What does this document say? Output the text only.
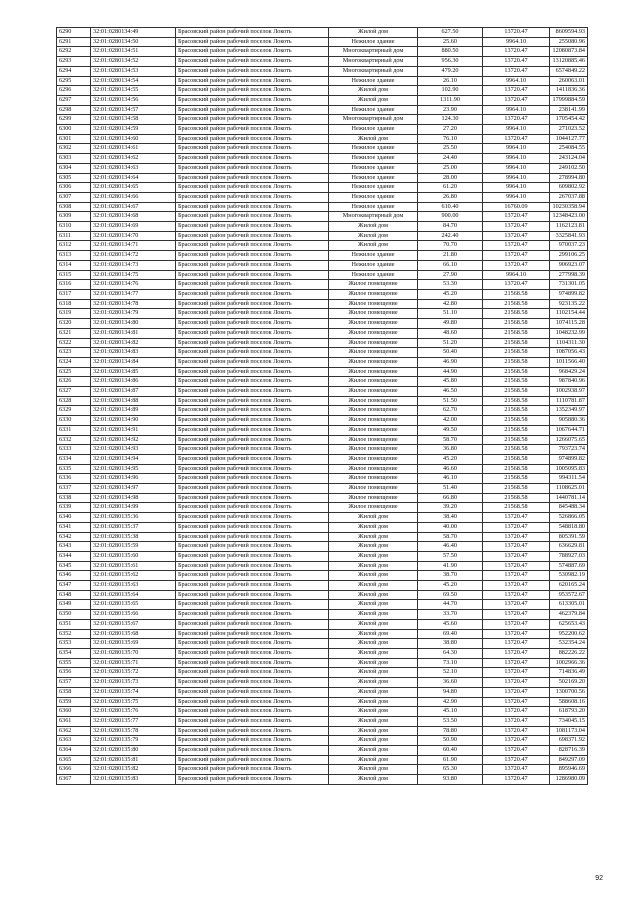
6290	32:01:0280134:49	Брасовский район рабочий поселок Локоть	Жилой дом	627.50	13720.47	8609594.93
6291	32:01:0280134:50	Брасовский район рабочий поселок Локоть	Нежилое здание	25.60	9964.10	255080.96
6292	32:01:0280134:51	Брасовский район рабочий поселок Локоть	Многоквартирный дом	880.50	13720.47	12080873.84
6293	32:01:0280134:52	Брасовский район рабочий поселок Локоть	Многоквартирный дом	956.30	13720.47	13120885.46
6294	32:01:0280134:53	Брасовский район рабочий поселок Локоть	Многоквартирный дом	479.20	13720.47	6574849.22
6295	32:01:0280134:54	Брасовский район рабочий поселок Локоть	Нежилое здание	26.10	9964.10	260063.01
6296	32:01:0280134:55	Брасовский район рабочий поселок Локоть	Жилой дом	102.90	13720.47	1411836.36
6297	32:01:0280134:56	Брасовский район рабочий поселок Локоть	Жилой дом	1311.90	13720.47	17999884.59
6298	32:01:0280134:57	Брасовский район рабочий поселок Локоть	Нежилое здание	23.90	9964.10	238141.99
6299	32:01:0280134:58	Брасовский район рабочий поселок Локоть	Многоквартирный дом	124.30	13720.47	1705454.42
6300	32:01:0280134:59	Брасовский район рабочий поселок Локоть	Нежилое здание	27.20	9964.10	271023.52
6301	32:01:0280134:60	Брасовский район рабочий поселок Локоть	Жилой дом	76.10	13720.47	1044127.77
6302	32:01:0280134:61	Брасовский район рабочий поселок Локоть	Нежилое здание	25.50	9964.10	254084.55
6303	32:01:0280134:62	Брасовский район рабочий поселок Локоть	Нежилое здание	24.40	9964.10	243124.04
6304	32:01:0280134:63	Брасовский район рабочий поселок Локоть	Нежилое здание	25.00	9964.10	249102.50
6305	32:01:0280134:64	Брасовский район рабочий поселок Локоть	Нежилое здание	28.00	9964.10	278994.80
6306	32:01:0280134:65	Брасовский район рабочий поселок Локоть	Нежилое здание	61.20	9964.10	609802.92
6307	32:01:0280134:66	Брасовский район рабочий поселок Локоть	Нежилое здание	26.80	9964.10	267037.88
6308	32:01:0280134:67	Брасовский район рабочий поселок Локоть	Нежилое здание	610.40	16760.09	10230358.94
6309	32:01:0280134:68	Брасовский район рабочий поселок Локоть	Многоквартирный дом	900.00	13720.47	12348423.00
6310	32:01:0280134:69	Брасовский район рабочий поселок Локоть	Жилой дом	84.70	13720.47	1162123.81
6311	32:01:0280134:70	Брасовский район рабочий поселок Локоть	Жилой дом	242.40	13720.47	3325841.93
6312	32:01:0280134:71	Брасовский район рабочий поселок Локоть	Жилой дом	70.70	13720.47	970037.23
6313	32:01:0280134:72	Брасовский район рабочий поселок Локоть	Нежилое здание	21.80	13720.47	299106.25
6314	32:01:0280134:73	Брасовский район рабочий поселок Локоть	Нежилое здание	66.10	13720.47	906923.07
6315	32:01:0280134:75	Брасовский район рабочий поселок Локоть	Нежилое здание	27.90	9964.10	277998.39
6316	32:01:0280134:76	Брасовский район рабочий поселок Локоть	Жилое помещение	53.30	13720.47	731301.05
6317	32:01:0280134:77	Брасовский район рабочий поселок Локоть	Жилое помещение	45.20	21568.58	974899.82
6318	32:01:0280134:78	Брасовский район рабочий поселок Локоть	Жилое помещение	42.80	21568.58	923135.22
6319	32:01:0280134:79	Брасовский район рабочий поселок Локоть	Жилое помещение	51.10	21568.58	1102154.44
6320	32:01:0280134:80	Брасовский район рабочий поселок Локоть	Жилое помещение	49.80	21568.58	1074115.28
6321	32:01:0280134:81	Брасовский район рабочий поселок Локоть	Жилое помещение	48.60	21568.58	1048232.99
6322	32:01:0280134:82	Брасовский район рабочий поселок Локоть	Жилое помещение	51.20	21568.58	1104311.30
6323	32:01:0280134:83	Брасовский район рабочий поселок Локоть	Жилое помещение	50.40	21568.58	1087056.43
6324	32:01:0280134:84	Брасовский район рабочий поселок Локоть	Жилое помещение	46.90	21568.58	1011566.40
6325	32:01:0280134:85	Брасовский район рабочий поселок Локоть	Жилое помещение	44.90	21568.58	968429.24
6326	32:01:0280134:86	Брасовский район рабочий поселок Локоть	Жилое помещение	45.80	21568.58	987840.96
6327	32:01:0280134:87	Брасовский район рабочий поселок Локоть	Жилое помещение	46.50	21568.58	1002938.97
6328	32:01:0280134:88	Брасовский район рабочий поселок Локоть	Жилое помещение	51.50	21568.58	1110781.87
6329	32:01:0280134:89	Брасовский район рабочий поселок Локоть	Жилое помещение	62.70	21568.58	1352349.97
6330	32:01:0280134:90	Брасовский район рабочий поселок Локоть	Жилое помещение	42.00	21568.58	905880.36
6331	32:01:0280134:91	Брасовский район рабочий поселок Локоть	Жилое помещение	49.50	21568.58	1067644.71
6332	32:01:0280134:92	Брасовский район рабочий поселок Локоть	Жилое помещение	58.70	21568.58	1266075.65
6333	32:01:0280134:93	Брасовский район рабочий поселок Локоть	Жилое помещение	36.80	21568.58	793723.74
6334	32:01:0280134:94	Брасовский район рабочий поселок Локоть	Жилое помещение	45.20	21568.58	974899.82
6335	32:01:0280134:95	Брасовский район рабочий поселок Локоть	Жилое помещение	46.60	21568.58	1005095.83
6336	32:01:0280134:96	Брасовский район рабочий поселок Локоть	Жилое помещение	46.10	21568.58	994311.54
6337	32:01:0280134:97	Брасовский район рабочий поселок Локоть	Жилое помещение	51.40	21568.58	1108625.01
6338	32:01:0280134:98	Брасовский район рабочий поселок Локоть	Жилое помещение	66.80	21568.58	1440781.14
6339	32:01:0280134:99	Брасовский район рабочий поселок Локоть	Жилое помещение	39.20	21568.58	845488.34
6340	32:01:0280135:36	Брасовский район рабочий поселок Локоть	Жилой дом	38.40	13720.47	526866.05
6341	32:01:0280135:37	Брасовский район рабочий поселок Локоть	Жилой дом	40.00	13720.47	548818.80
6342	32:01:0280135:38	Брасовский район рабочий поселок Локоть	Жилой дом	58.70	13720.47	805391.59
6343	32:01:0280135:59	Брасовский район рабочий поселок Локоть	Жилой дом	46.40	13720.47	636629.81
6344	32:01:0280135:60	Брасовский район рабочий поселок Локоть	Жилой дом	57.50	13720.47	788927.03
6345	32:01:0280135:61	Брасовский район рабочий поселок Локоть	Жилой дом	41.90	13720.47	574887.69
6346	32:01:0280135:62	Брасовский район рабочий поселок Локоть	Жилой дом	38.70	13720.47	530982.19
6347	32:01:0280135:63	Брасовский район рабочий поселок Локоть	Жилой дом	45.20	13720.47	620165.24
6348	32:01:0280135:64	Брасовский район рабочий поселок Локоть	Жилой дом	69.50	13720.47	953572.67
6349	32:01:0280135:65	Брасовский район рабочий поселок Локоть	Жилой дом	44.70	13720.47	613305.01
6350	32:01:0280135:66	Брасовский район рабочий поселок Локоть	Жилой дом	33.70	13720.47	462379.84
6351	32:01:0280135:67	Брасовский район рабочий поселок Локоть	Жилой дом	45.60	13720.47	625653.43
6352	32:01:0280135:68	Брасовский район рабочий поселок Локоть	Жилой дом	69.40	13720.47	952200.62
6353	32:01:0280135:69	Брасовский район рабочий поселок Локоть	Жилой дом	38.80	13720.47	532354.24
6354	32:01:0280135:70	Брасовский район рабочий поселок Локоть	Жилой дом	64.30	13720.47	882226.22
6355	32:01:0280135:71	Брасовский район рабочий поселок Локоть	Жилой дом	73.10	13720.47	1002966.36
6356	32:01:0280135:72	Брасовский район рабочий поселок Локоть	Жилой дом	52.10	13720.47	714836.49
6357	32:01:0280135:73	Брасовский район рабочий поселок Локоть	Жилой дом	36.60	13720.47	502169.20
6358	32:01:0280135:74	Брасовский район рабочий поселок Локоть	Жилой дом	94.80	13720.47	1300700.56
6359	32:01:0280135:75	Брасовский район рабочий поселок Локоть	Жилой дом	42.90	13720.47	588608.16
6360	32:01:0280135:76	Брасовский район рабочий поселок Локоть	Жилой дом	45.10	13720.47	618793.20
6361	32:01:0280135:77	Брасовский район рабочий поселок Локоть	Жилой дом	53.50	13720.47	734045.15
6362	32:01:0280135:78	Брасовский район рабочий поселок Локоть	Жилой дом	78.80	13720.47	1081173.04
6363	32:01:0280135:79	Брасовский район рабочий поселок Локоть	Жилой дом	50.90	13720.47	698371.92
6364	32:01:0280135:80	Брасовский район рабочий поселок Локоть	Жилой дом	60.40	13720.47	828716.39
6365	32:01:0280135:81	Брасовский район рабочий поселок Локоть	Жилой дом	61.90	13720.47	849297.09
6366	32:01:0280135:82	Брасовский район рабочий поселок Локоть	Жилой дом	65.30	13720.47	895946.69
6367	32:01:0280135:83	Брасовский район рабочий поселок Локоть	Жилой дом	93.80	13720.47	1286980.09
92
